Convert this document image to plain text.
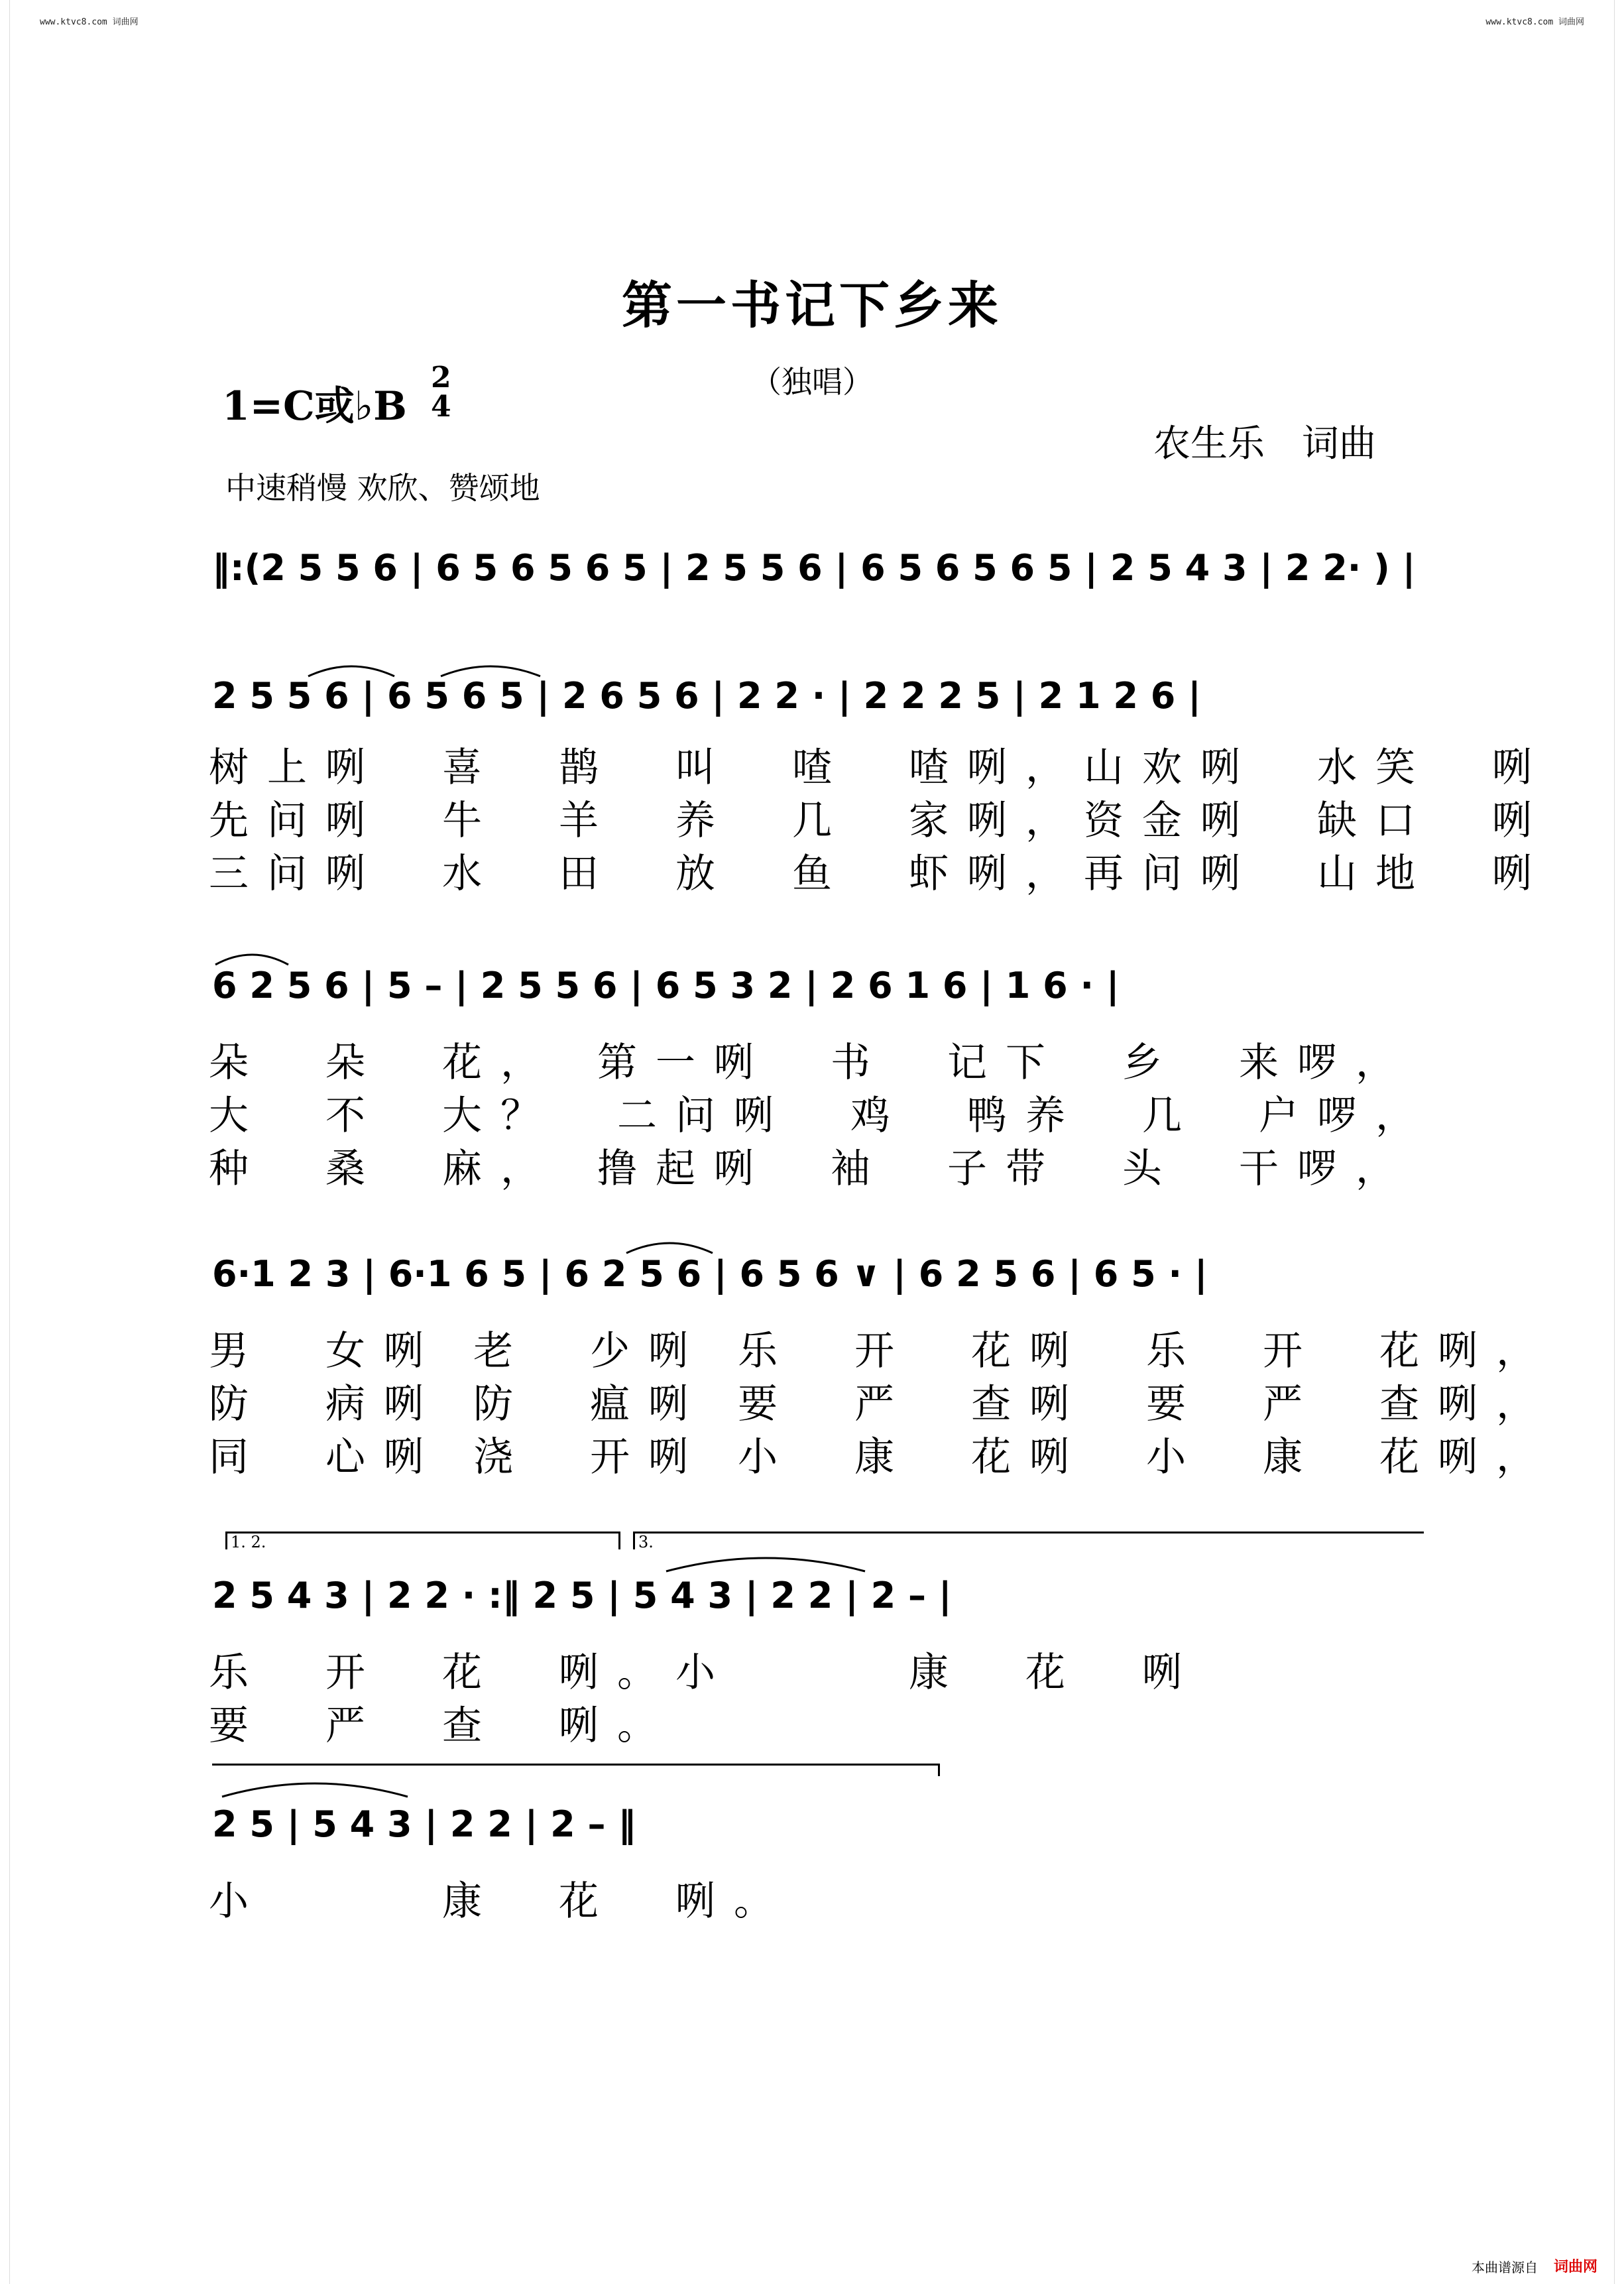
www.ktvc8.com 词曲网	www.ktvc8.com 词曲网
第一书记下乡来
（独唱）
1=C或♭B
2
4
农生乐　词曲
中速稍慢 欢欣、赞颂地
‖:(2 5 5 6 | 6 5 6 5 6 5 | 2 5 5 6 | 6 5 6 5 6 5 | 2 5 4 3 | 2 2· ) |
2 5 5 6 | 6 5 6 5 | 2 6 5 6 | 2 2 · | 2 2 2 5 | 2 1 2 6 |
树上咧　喜　鹊　叫　喳　喳咧，山欢咧　水笑　咧
先问咧　牛　羊　养　几　家咧，资金咧　缺口　咧
三问咧　水　田　放　鱼　虾咧，再问咧　山地　咧
6 2 5 6 | 5 – | 2 5 5 6 | 6 5 3 2 | 2 6 1 6 | 1 6 · |
朵　朵　花，　第一咧　书　记下　乡　来啰，
大　不　大？　二问咧　鸡　鸭养　几　户啰，
种　桑　麻，　撸起咧　袖　子带　头　干啰，
6·1 2 3 | 6·1 6 5 | 6 2 5 6 | 6 5 6 ∨ | 6 2 5 6 | 6 5 · |
男　女咧 老　少咧 乐　开　花咧　乐　开　花咧，
防　病咧 防　瘟咧 要　严　查咧　要　严　查咧，
同　心咧 浇　开咧 小　康　花咧　小　康　花咧，
1. 2.	3.
2 5 4 3 | 2 2 · :‖ 2 5 | 5 4 3 | 2 2 | 2 – |
乐　开　花　咧。小　　　康　花　咧
要　严　查　咧。
2 5 | 5 4 3 | 2 2 | 2 – ‖
小　　　康　花　咧。
本曲谱源自 词曲网
